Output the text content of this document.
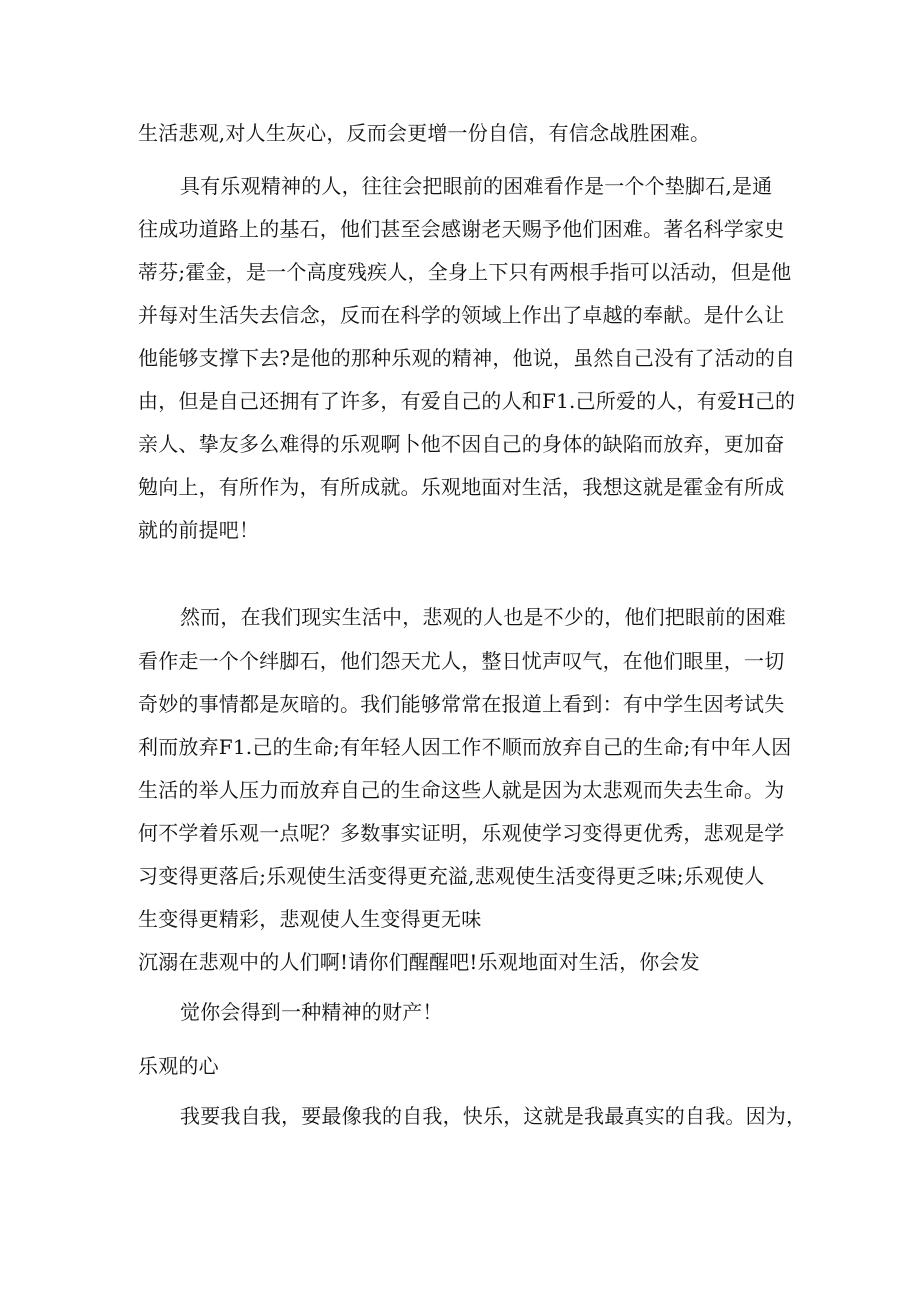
生活悲观,对人生灰心，反而会更增一份自信，有信念战胜困难。
具有乐观精神的人，往往会把眼前的困难看作是一个个垫脚石,是通
往成功道路上的基石，他们甚至会感谢老天赐予他们困难。著名科学家史
蒂芬;霍金，是一个高度残疾人，全身上下只有两根手指可以活动，但是他
并每对生活失去信念，反而在科学的领域上作出了卓越的奉献。是什么让
他能够支撑下去?是他的那种乐观的精神，他说，虽然自己没有了活动的自
由，但是自己还拥有了许多，有爱自己的人和F1.己所爱的人，有爱H己的
亲人、挚友多么难得的乐观啊卜他不因自己的身体的缺陷而放弃，更加奋
勉向上，有所作为，有所成就。乐观地面对生活，我想这就是霍金有所成
就的前提吧！
然而，在我们现实生活中，悲观的人也是不少的，他们把眼前的困难
看作走一个个绊脚石，他们怨天尤人，整日忧声叹气，在他们眼里，一切
奇妙的事情都是灰暗的。我们能够常常在报道上看到：有中学生因考试失
利而放弃F1.己的生命;有年轻人因工作不顺而放弃自己的生命;有中年人因
生活的举人压力而放弃自己的生命这些人就是因为太悲观而失去生命。为
何不学着乐观一点呢？多数事实证明，乐观使学习变得更优秀，悲观是学
习变得更落后;乐观使生活变得更充溢,悲观使生活变得更乏味;乐观使人
生变得更精彩，悲观使人生变得更无味
沉溺在悲观中的人们啊!请你们醒醒吧!乐观地面对生活，你会发
觉你会得到一种精神的财产！
乐观的心
我要我自我，要最像我的自我，快乐，这就是我最真实的自我。因为，
